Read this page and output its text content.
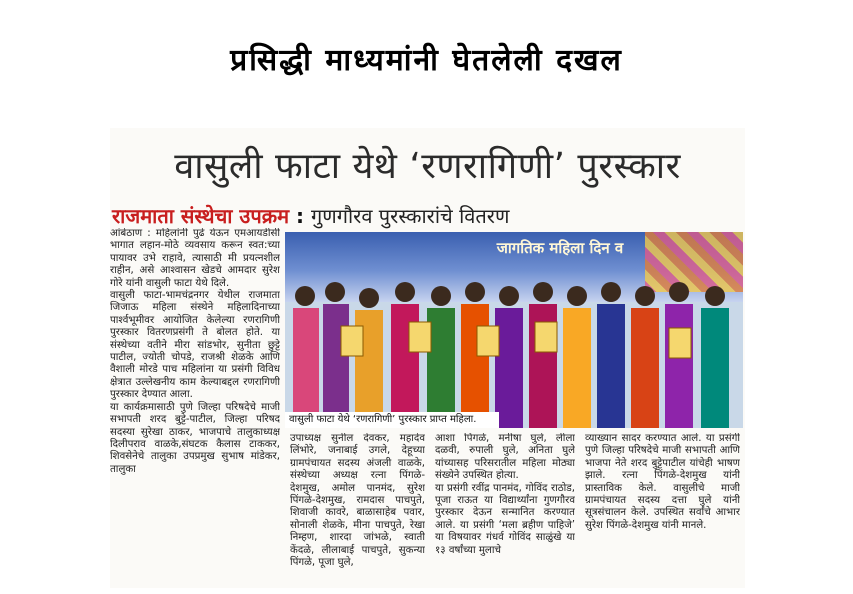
प्रसिद्धी माध्यमांनी घेतलेली दखल
वासुली फाटा येथे ‘रणरागिणी’ पुरस्कार
राजमाता संस्थेचा उपक्रम : गुणगौरव पुरस्कारांचे वितरण
आंबेठाण : महिलांनी पुढे येऊन एमआयडीसी भागात लहान-मोठे व्यवसाय करून स्वत:च्या पायावर उभे राहावे, त्यासाठी मी प्रयत्नशील राहीन, असे आश्वासन खेडचे आमदार सुरेश गोरे यांनी वासुली फाटा येथे दिले.
वासुली फाटा-भामचंद्रनगर येथील राजमाता जिजाऊ महिला संस्थेने महिलादिनाच्या पार्श्वभूमीवर आयोजित केलेल्या रणरागिणी पुरस्कार वितरणप्रसंगी ते बोलत होते. या संस्थेच्या वतीने मीरा सांडभोर, सुनीता छुट्टे पाटील, ज्योती चोपडे, राजश्री शेळके आणि वैशाली मोरडे पाच महिलांना या प्रसंगी विविध क्षेत्रात उल्लेखनीय काम केल्याबद्दल रणरागिणी पुरस्कार देण्यात आला.
या कार्यक्रमासाठी पुणे जिल्हा परिषदेचे माजी सभापती शरद बुट्टे-पाटील, जिल्हा परिषद सदस्या सुरेखा ठाकर, भाजपाचे तालुकाध्यक्ष दिलीपराव वाळके,संघटक कैलास टाककर, शिवसेनेचे तालुका उपप्रमुख सुभाष मांडेकर, तालुका
जागतिक महिला दिन व
वासुली फाटा येथे ‘रणरागिणी’ पुरस्कार प्राप्त महिला.
उपाध्यक्ष सुनील देवकर, महादेव लिंभोरे, जनाबाई उगले, देहूच्या ग्रामपंचायत सदस्य अंजली वाळके, संस्थेच्या अध्यक्ष रत्ना पिंगळे-देशमुख, अमोल पानमंद, सुरेश पिंगळे-देशमुख, रामदास पाचपुते, शिवाजी कावरे, बाळासाहेब पवार, सोनाली शेळके, मीना पाचपुते, रेखा निम्हण, शारदा जांभळे, स्वाती केंदळे, लीलाबाई पाचपुते, सुकन्या पिंगळे, पूजा घुले,
आशा पिंगळे, मनीषा घुले, लीला दळवी, रुपाली घुले, अनिता घुले यांच्यासह परिसरातील महिला मोठ्या संख्येने उपस्थित होत्या.
या प्रसंगी रवींद्र पानमंद, गोविंद राठोड, पूजा राऊत या विद्यार्थ्यांना गुणगौरव पुरस्कार देऊन सन्मानित करण्यात आले. या प्रसंगी ‘मला ब्रहीण पाहिजे’ या विषयावर गंधर्व गोविंद साळुंखे या १३ वर्षांच्या मुलाचे
व्याख्यान सादर करण्यात आले. या प्रसंगी पुणे जिल्हा परिषदेचे माजी सभापती आणि भाजपा नेते शरद बुट्टेपाटील यांचेही भाषण झाले. रत्ना पिंगळे-देशमुख यांनी प्रास्ताविक केले. वासुलीचे माजी ग्रामपंचायत सदस्य दत्ता घुले यांनी सूत्रसंचालन केले. उपस्थित सर्वांचे आभार सुरेश पिंगळे-देशमुख यांनी मानले.
